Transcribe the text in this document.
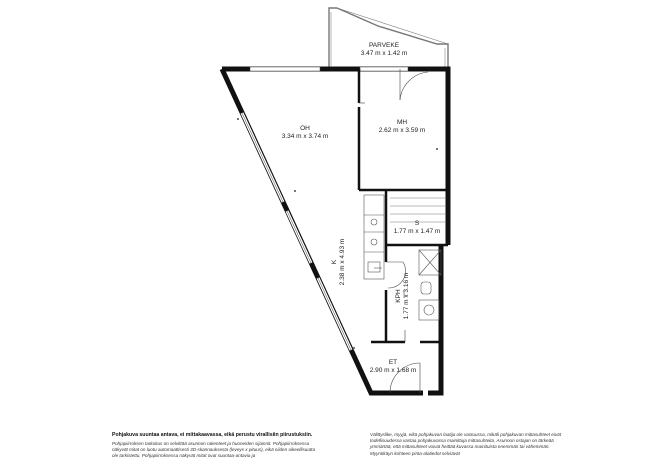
PARVEKE
3.47 m x 1.42 m
OH
3.34 m x 3.74 m
MH
2.62 m x 3.59 m
S
1.77 m x 1.47 m
K 2.38 m x 4.93 m
KPH 1.77 m x 3.16 m
ET
2.90 m x 1.68 m

Pohjakuva suuntaa antava, ei mittakaavassa, eikä perustu virallisiin piirustuksiin.

Pohjapiirroksen tarkoitus on selvittää asunnon rakenteet ja huoneiden sijainnit. Pohjapiirroksessa näkyvät mitat on luotu automaattisesti 3D-skannauksesta (leveys x pituus), eikä niiden oikeellisuutta ole tarkistettu. Pohjapiirroksessa näkyvät mitat ovat suuntaa-antavia ja

Välittyslike, myyjä, eikä pohjakuvan laatija ole vastuussa, mikäli pohjakuvan mittasuhteet eivät todellisuudessa vastaa pohjakuvassa mainittuja mittasuhteita. Asunnon ostajan on tärkeää ymmärtää, että mittasuhteet voivat heittää kuvassa mainituista enemmän tai vähemmän. Myyntikäyn kohteen pinta-alatiedot selviävät
